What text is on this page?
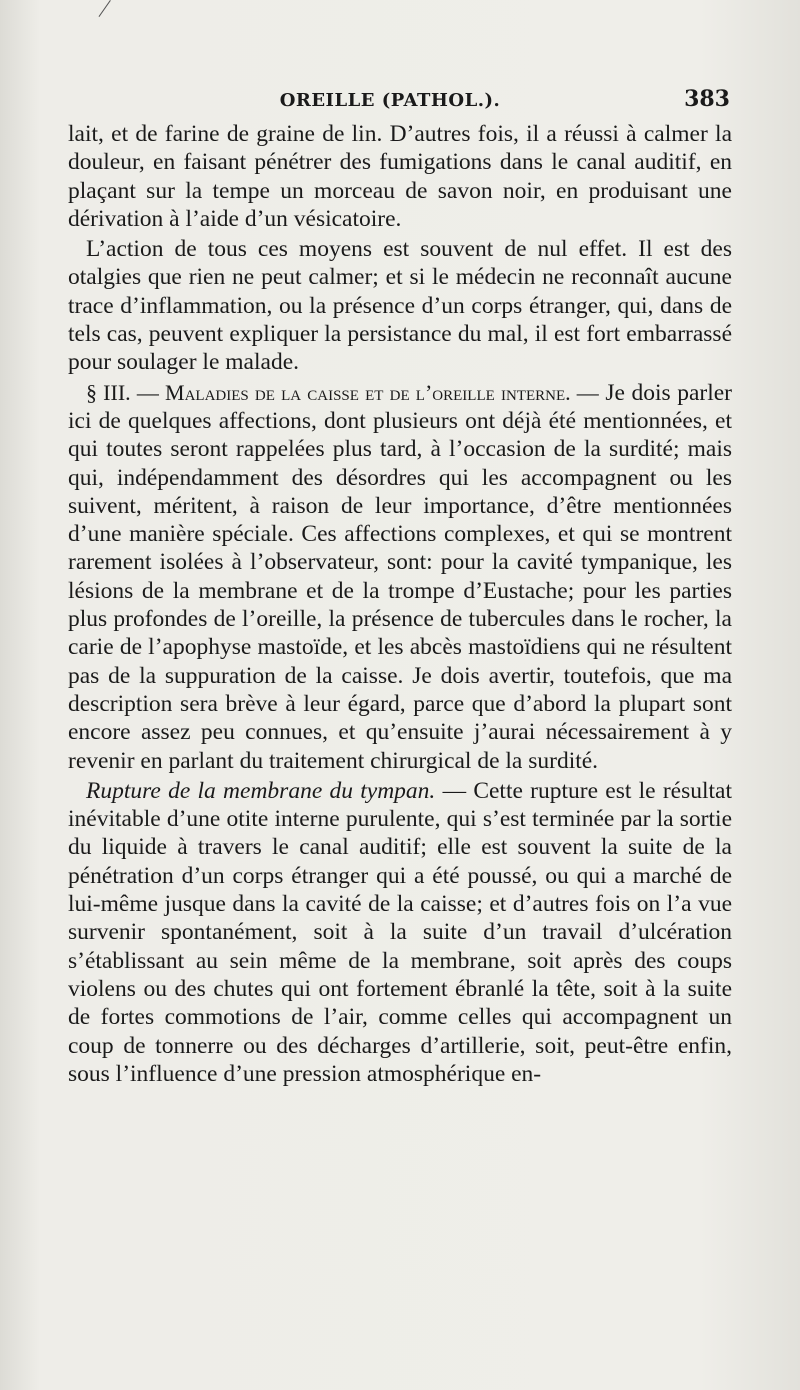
OREILLE (PATHOL.).	383

lait, et de farine de graine de lin. D’autres fois, il a réussi à calmer la douleur, en faisant pénétrer des fumigations dans le canal auditif, en plaçant sur la tempe un morceau de savon noir, en produisant une dérivation à l’aide d’un vésicatoire.

L’action de tous ces moyens est souvent de nul effet. Il est des otalgies que rien ne peut calmer; et si le médecin ne reconnaît aucune trace d’inflammation, ou la présence d’un corps étranger, qui, dans de tels cas, peuvent expliquer la persistance du mal, il est fort embarrassé pour soulager le malade.

§ III. — Maladies de la caisse et de l’oreille interne. — Je dois parler ici de quelques affections, dont plusieurs ont déjà été mentionnées, et qui toutes seront rappelées plus tard, à l’occasion de la surdité; mais qui, indépendamment des désordres qui les accompagnent ou les suivent, méritent, à raison de leur importance, d’être mentionnées d’une manière spéciale. Ces affections complexes, et qui se montrent rarement isolées à l’observateur, sont: pour la cavité tympanique, les lésions de la membrane et de la trompe d’Eustache; pour les parties plus profondes de l’oreille, la présence de tubercules dans le rocher, la carie de l’apophyse mastoïde, et les abcès mastoïdiens qui ne résultent pas de la suppuration de la caisse. Je dois avertir, toutefois, que ma description sera brève à leur égard, parce que d’abord la plupart sont encore assez peu connues, et qu’ensuite j’aurai nécessairement à y revenir en parlant du traitement chirurgical de la surdité.

Rupture de la membrane du tympan. — Cette rupture est le résultat inévitable d’une otite interne purulente, qui s’est terminée par la sortie du liquide à travers le canal auditif; elle est souvent la suite de la pénétration d’un corps étranger qui a été poussé, ou qui a marché de lui-même jusque dans la cavité de la caisse; et d’autres fois on l’a vue survenir spontanément, soit à la suite d’un travail d’ulcération s’établissant au sein même de la membrane, soit après des coups violens ou des chutes qui ont fortement ébranlé la tête, soit à la suite de fortes commotions de l’air, comme celles qui accompagnent un coup de tonnerre ou des décharges d’artillerie, soit, peut-être enfin, sous l’influence d’une pression atmosphérique en-
